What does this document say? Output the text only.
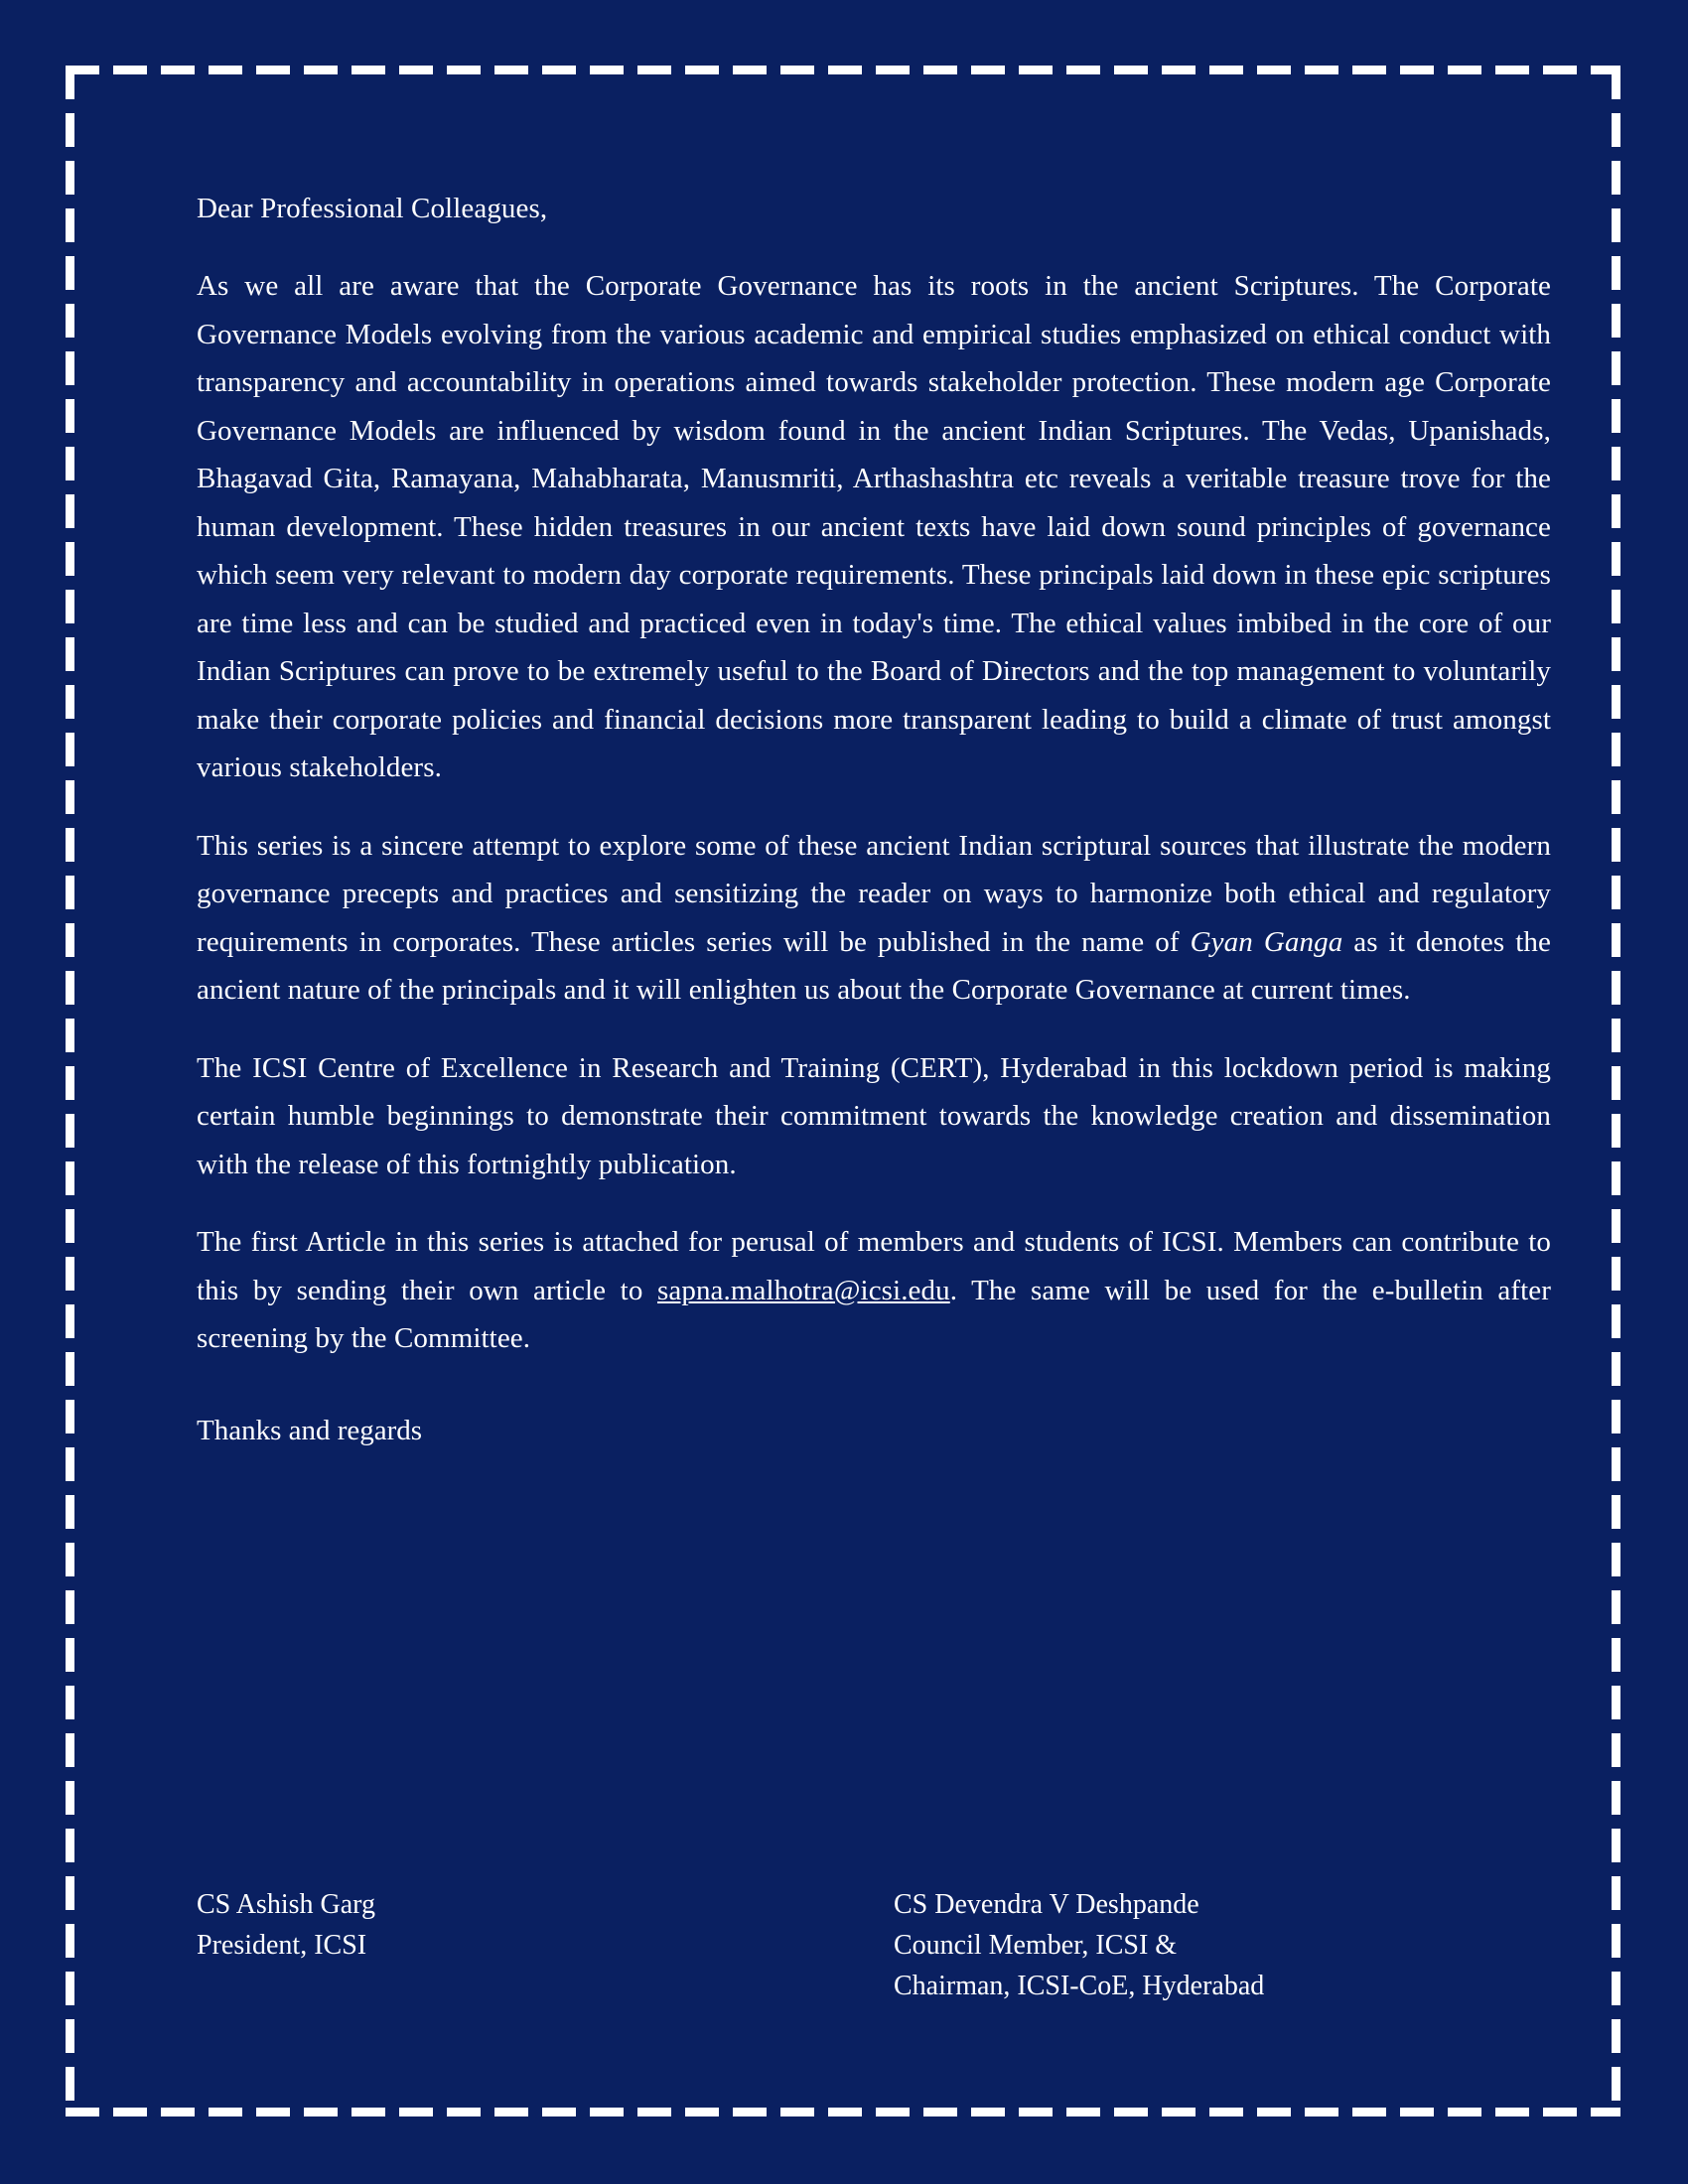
Dear Professional Colleagues,

As we all are aware that the Corporate Governance has its roots in the ancient Scriptures. The Corporate Governance Models evolving from the various academic and empirical studies emphasized on ethical conduct with transparency and accountability in operations aimed towards stakeholder protection. These modern age Corporate Governance Models are influenced by wisdom found in the ancient Indian Scriptures. The Vedas, Upanishads, Bhagavad Gita, Ramayana, Mahabharata, Manusmriti, Arthashashtra etc reveals a veritable treasure trove for the human development. These hidden treasures in our ancient texts have laid down sound principles of governance which seem very relevant to modern day corporate requirements. These principals laid down in these epic scriptures are time less and can be studied and practiced even in today's time. The ethical values imbibed in the core of our Indian Scriptures can prove to be extremely useful to the Board of Directors and the top management to voluntarily make their corporate policies and financial decisions more transparent leading to build a climate of trust amongst various stakeholders.

This series is a sincere attempt to explore some of these ancient Indian scriptural sources that illustrate the modern governance precepts and practices and sensitizing the reader on ways to harmonize both ethical and regulatory requirements in corporates. These articles series will be published in the name of Gyan Ganga as it denotes the ancient nature of the principals and it will enlighten us about the Corporate Governance at current times.

The ICSI Centre of Excellence in Research and Training (CERT), Hyderabad in this lockdown period is making certain humble beginnings to demonstrate their commitment towards the knowledge creation and dissemination with the release of this fortnightly publication.

The first Article in this series is attached for perusal of members and students of ICSI. Members can contribute to this by sending their own article to sapna.malhotra@icsi.edu. The same will be used for the e-bulletin after screening by the Committee.

Thanks and regards

CS Ashish Garg
President, ICSI
CS Devendra V Deshpande
Council Member, ICSI &
Chairman, ICSI-CoE, Hyderabad
